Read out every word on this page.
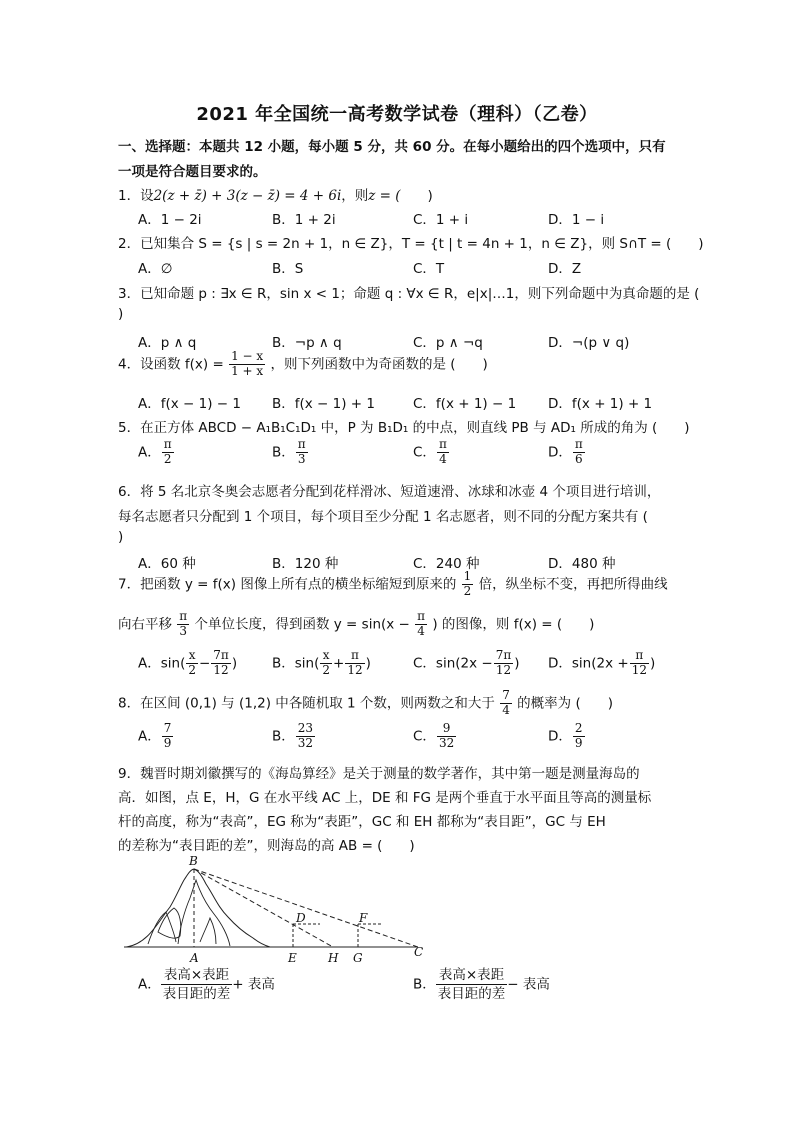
2021 年全国统一高考数学试卷（理科）（乙卷）
一、选择题：本题共 12 小题，每小题 5 分，共 60 分。在每小题给出的四个选项中，只有
一项是符合题目要求的。
1．设2(z + z̄) + 3(z − z̄) = 4 + 6i，则z = (　　)
A．1 − 2i	B．1 + 2i	C．1 + i	D．1 − i
2．已知集合 S = {s | s = 2n + 1，n ∈ Z}，T = {t | t = 4n + 1，n ∈ Z}，则 S∩T = (　　)
A．∅	B．S	C．T	D．Z
3．已知命题 p : ∃x ∈ R，sin x < 1；命题 q : ∀x ∈ R，e|x|…1，则下列命题中为真命题的是 (
)
A．p ∧ q	B．¬p ∧ q	C．p ∧ ¬q	D．¬(p ∨ q)
4．设函数 $f(x) = \frac{1 - x}{1 + x}$ ，则下列函数中为奇函数的是 (　　)
A．f(x − 1) − 1 B．f(x − 1) + 1	C．f(x + 1) − 1 D．f(x + 1) + 1
5．在正方体 ABCD − A₁B₁C₁D₁ 中，P 为 B₁D₁ 的中点，则直线 PB 与 AD₁ 所成的角为 (　　)
A． $\frac{\pi}{2}$	B． $\frac{\pi}{3}$	C． $\frac{\pi}{4}$	D． $\frac{\pi}{6}$
6．将 5 名北京冬奥会志愿者分配到花样滑冰、短道速滑、冰球和冰壶 4 个项目进行培训，
每名志愿者只分配到 1 个项目，每个项目至少分配 1 名志愿者，则不同的分配方案共有 (
)
A．60 种	B．120 种	C．240 种	D．480 种
7．把函数 y = f(x) 图像上所有点的横坐标缩短到原来的 $\frac{1}{2}$ 倍，纵坐标不变，再把所得曲线
向右平移 $\frac{\pi}{3}$ 个单位长度，得到函数 $y = \sin(x - \frac{\pi}{4}$ ) 的图像，则 f(x) = (　　)
A．$\sin( \frac{x}{2} - \frac{7\pi}{12}$ )	B．$\sin( \frac{x}{2} + \frac{\pi}{12}$ )	C．$\sin(2x - \frac{7\pi}{12}$ ) D．$\sin(2x + \frac{\pi}{12}$ )
8．在区间 (0,1) 与 (1,2) 中各随机取 1 个数，则两数之和大于 $\frac{7}{4}$ 的概率为 (　　)
A． $\frac{7}{9}$	B． $\frac{23}{32}$	C． $\frac{9}{32}$	D． $\frac{2}{9}$
9．魏晋时期刘徽撰写的《海岛算经》是关于测量的数学著作，其中第一题是测量海岛的
高．如图，点 E，H，G 在水平线 AC 上，DE 和 FG 是两个垂直于水平面且等高的测量标
杆的高度，称为“表高”，EG 称为“表距”，GC 和 EH 都称为“表目距”，GC 与 EH
的差称为“表目距的差”，则海岛的高 AB = (　　)
B
D	F
A	E	H G	C
A．
表高×表距
表目距的差
+ 表高	B．
表高×表距
表目距的差
− 表高
